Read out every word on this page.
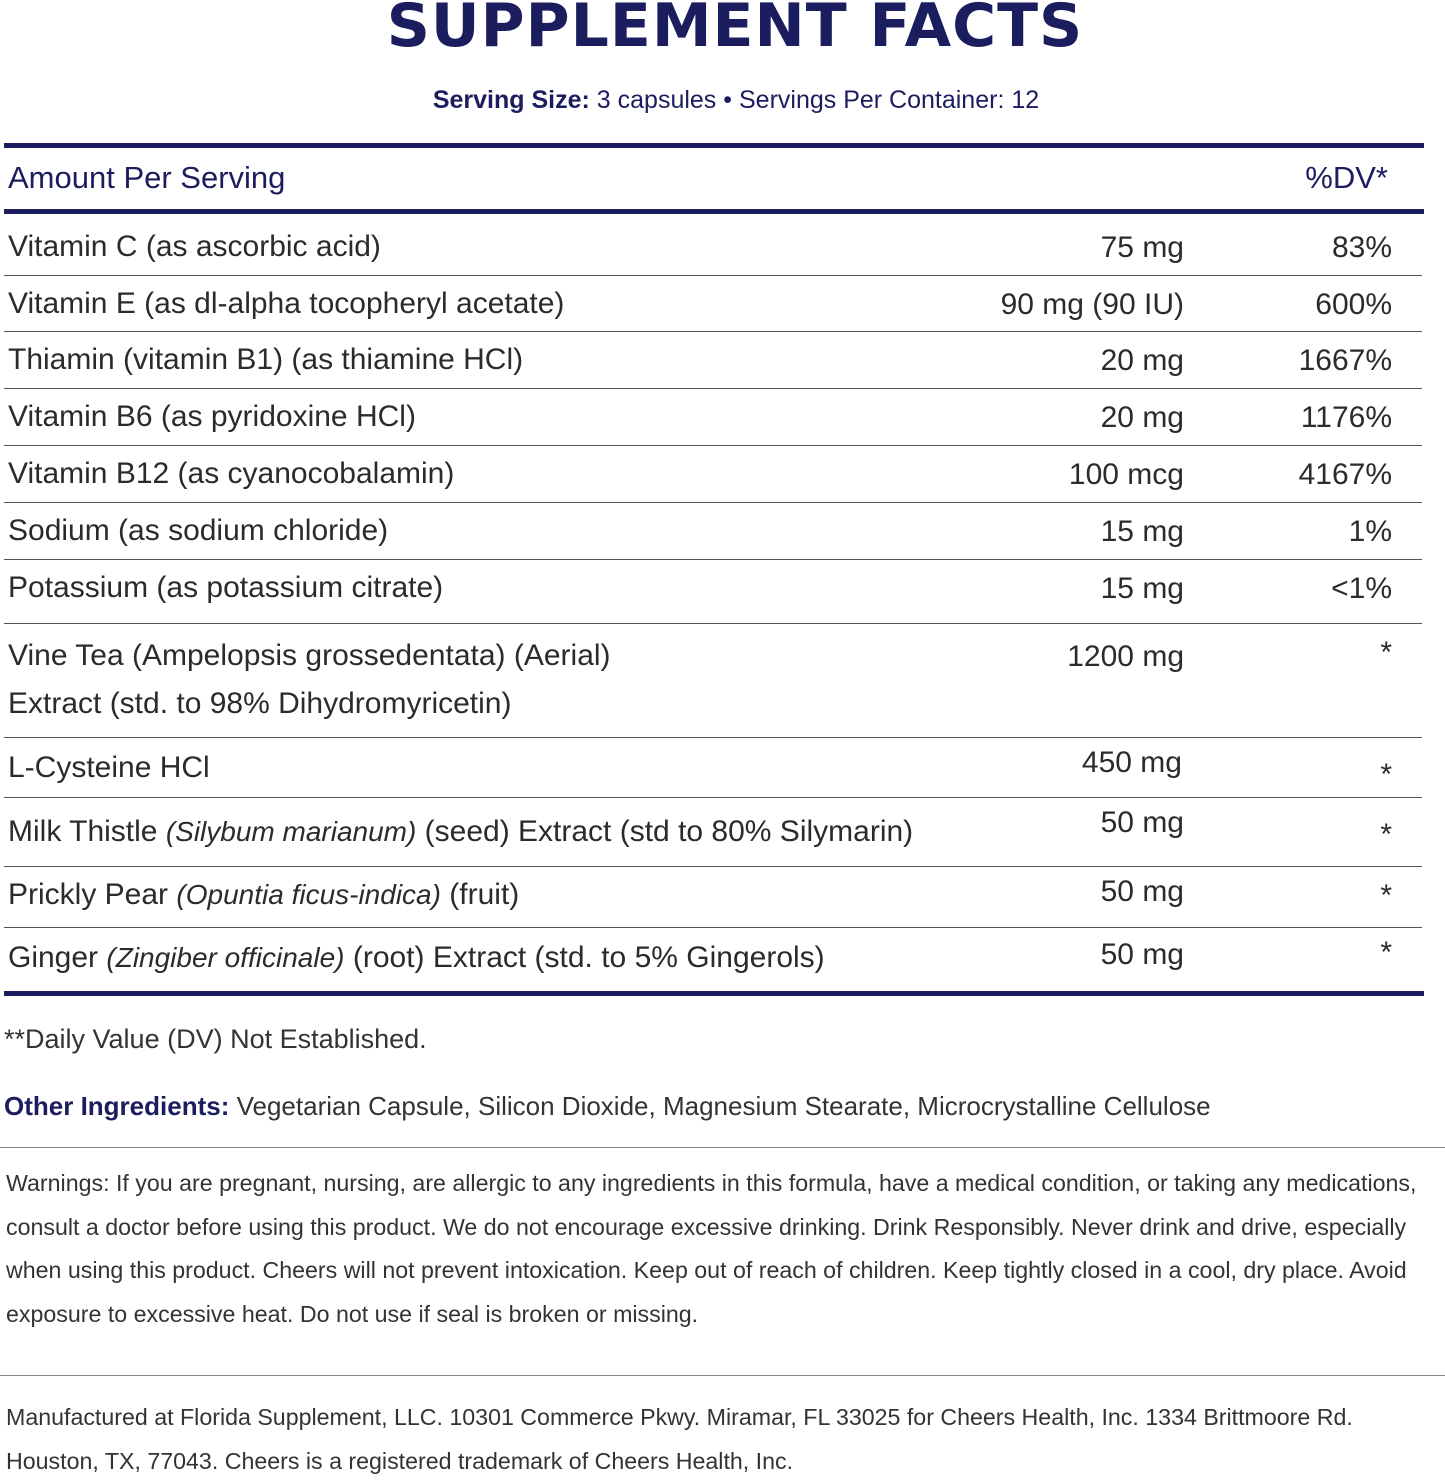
SUPPLEMENT FACTS
Serving Size: 3 capsules • Servings Per Container: 12
Amount Per Serving	%DV*
Vitamin C (as ascorbic acid)	75 mg	83%
Vitamin E (as dl-alpha tocopheryl acetate)	90 mg (90 IU)	600%
Thiamin (vitamin B1) (as thiamine HCl)	20 mg	1667%
Vitamin B6 (as pyridoxine HCl)	20 mg	1176%
Vitamin B12 (as cyanocobalamin)	100 mcg	4167%
Sodium (as sodium chloride)	15 mg	1%
Potassium (as potassium citrate)	15 mg	<1%
Vine Tea (Ampelopsis grossedentata) (Aerial)
Extract (std. to 98% Dihydromyricetin)
1200 mg	*
L-Cysteine HCl	450 mg	*
Milk Thistle (Silybum marianum) (seed) Extract (std to 80% Silymarin)	50 mg	*
Prickly Pear (Opuntia ficus-indica) (fruit)	50 mg	*
Ginger (Zingiber officinale) (root) Extract (std. to 5% Gingerols)	50 mg	*
**Daily Value (DV) Not Established.
Other Ingredients: Vegetarian Capsule, Silicon Dioxide, Magnesium Stearate, Microcrystalline Cellulose
Warnings: If you are pregnant, nursing, are allergic to any ingredients in this formula, have a medical condition, or taking any medications, consult a doctor before using this product. We do not encourage excessive drinking. Drink Responsibly. Never drink and drive, especially when using this product. Cheers will not prevent intoxication. Keep out of reach of children. Keep tightly closed in a cool, dry place. Avoid exposure to excessive heat. Do not use if seal is broken or missing.
Manufactured at Florida Supplement, LLC. 10301 Commerce Pkwy. Miramar, FL 33025 for Cheers Health, Inc. 1334 Brittmoore Rd. Houston, TX, 77043. Cheers is a registered trademark of Cheers Health, Inc.
